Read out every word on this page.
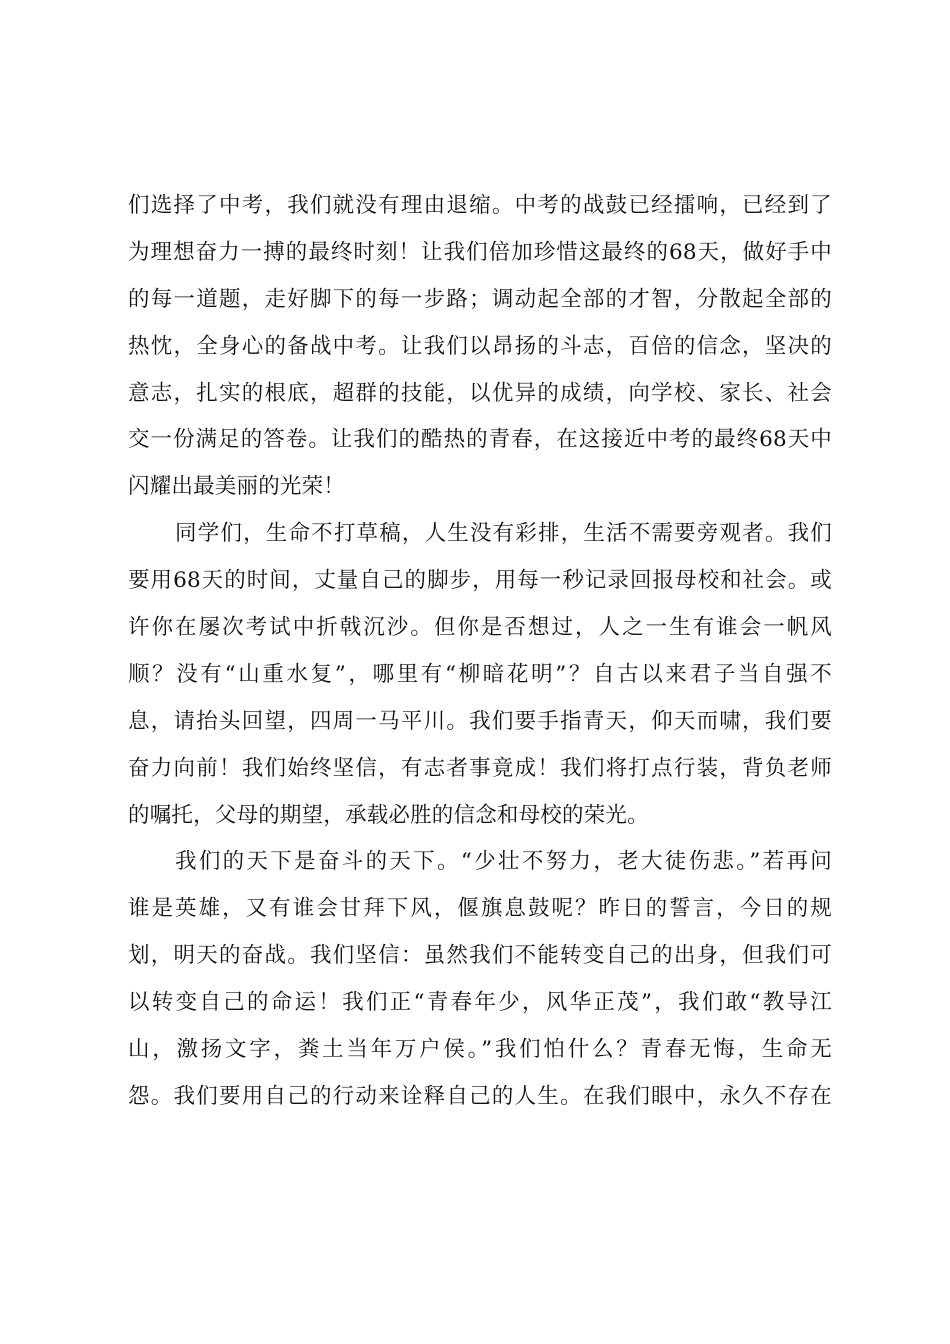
们选择了中考，我们就没有理由退缩。中考的战鼓已经擂响，已经到了
为理想奋力一搏的最终时刻！让我们倍加珍惜这最终的68天，做好手中
的每一道题，走好脚下的每一步路；调动起全部的才智，分散起全部的
热忱，全身心的备战中考。让我们以昂扬的斗志，百倍的信念，坚决的
意志，扎实的根底，超群的技能，以优异的成绩，向学校、家长、社会
交一份满足的答卷。让我们的酷热的青春，在这接近中考的最终68天中
闪耀出最美丽的光荣！
同学们，生命不打草稿，人生没有彩排，生活不需要旁观者。我们
要用68天的时间，丈量自己的脚步，用每一秒记录回报母校和社会。或
许你在屡次考试中折戟沉沙。但你是否想过，人之一生有谁会一帆风
顺？没有“山重水复”，哪里有“柳暗花明”？自古以来君子当自强不
息，请抬头回望，四周一马平川。我们要手指青天，仰天而啸，我们要
奋力向前！我们始终坚信，有志者事竟成！我们将打点行装，背负老师
的嘱托，父母的期望，承载必胜的信念和母校的荣光。
我们的天下是奋斗的天下。“少壮不努力，老大徒伤悲。”若再问
谁是英雄，又有谁会甘拜下风，偃旗息鼓呢？昨日的誓言，今日的规
划，明天的奋战。我们坚信：虽然我们不能转变自己的出身，但我们可
以转变自己的命运！我们正“青春年少，风华正茂”，我们敢“教导江
山，激扬文字，粪土当年万户侯。”我们怕什么？青春无悔，生命无
怨。我们要用自己的行动来诠释自己的人生。在我们眼中，永久不存在
